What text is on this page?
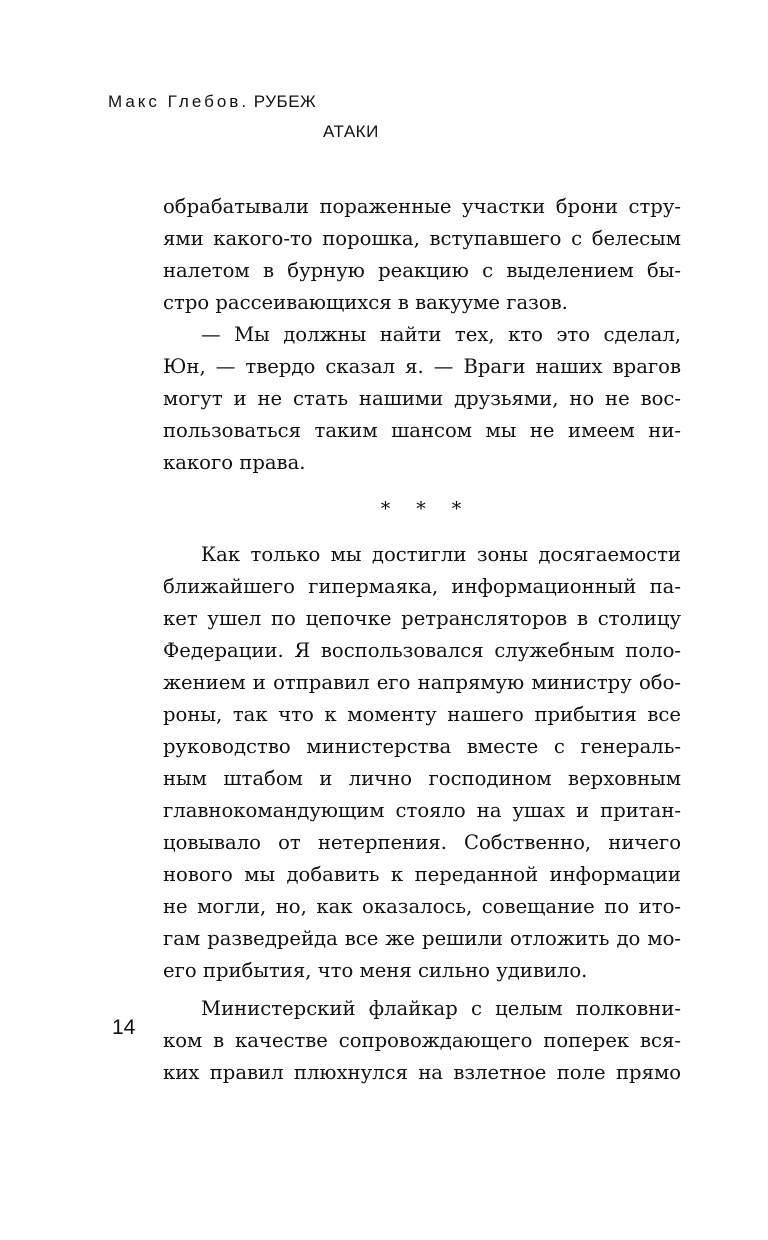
Макс Глебов. РУБЕЖ
АТАКИ
обрабатывали пораженные участки брони стру-
ями какого-то порошка, вступавшего с белесым
налетом в бурную реакцию с выделением бы-
стро рассеивающихся в вакууме газов.
— Мы должны найти тех, кто это сделал,
Юн, — твердо сказал я. — Враги наших врагов
могут и не стать нашими друзьями, но не вос-
пользоваться таким шансом мы не имеем ни-
какого права.
* * *
Как только мы достигли зоны досягаемости
ближайшего гипермаяка, информационный па-
кет ушел по цепочке ретрансляторов в столицу
Федерации. Я воспользовался служебным поло-
жением и отправил его напрямую министру обо-
роны, так что к моменту нашего прибытия все
руководство министерства вместе с генераль-
ным штабом и лично господином верховным
главнокомандующим стояло на ушах и притан-
цовывало от нетерпения. Собственно, ничего
нового мы добавить к переданной информации
не могли, но, как оказалось, совещание по ито-
гам разведрейда все же решили отложить до мо-
его прибытия, что меня сильно удивило.
Министерский флайкар с целым полковни-
ком в качестве сопровождающего поперек вся-
ких правил плюхнулся на взлетное поле прямо
14
